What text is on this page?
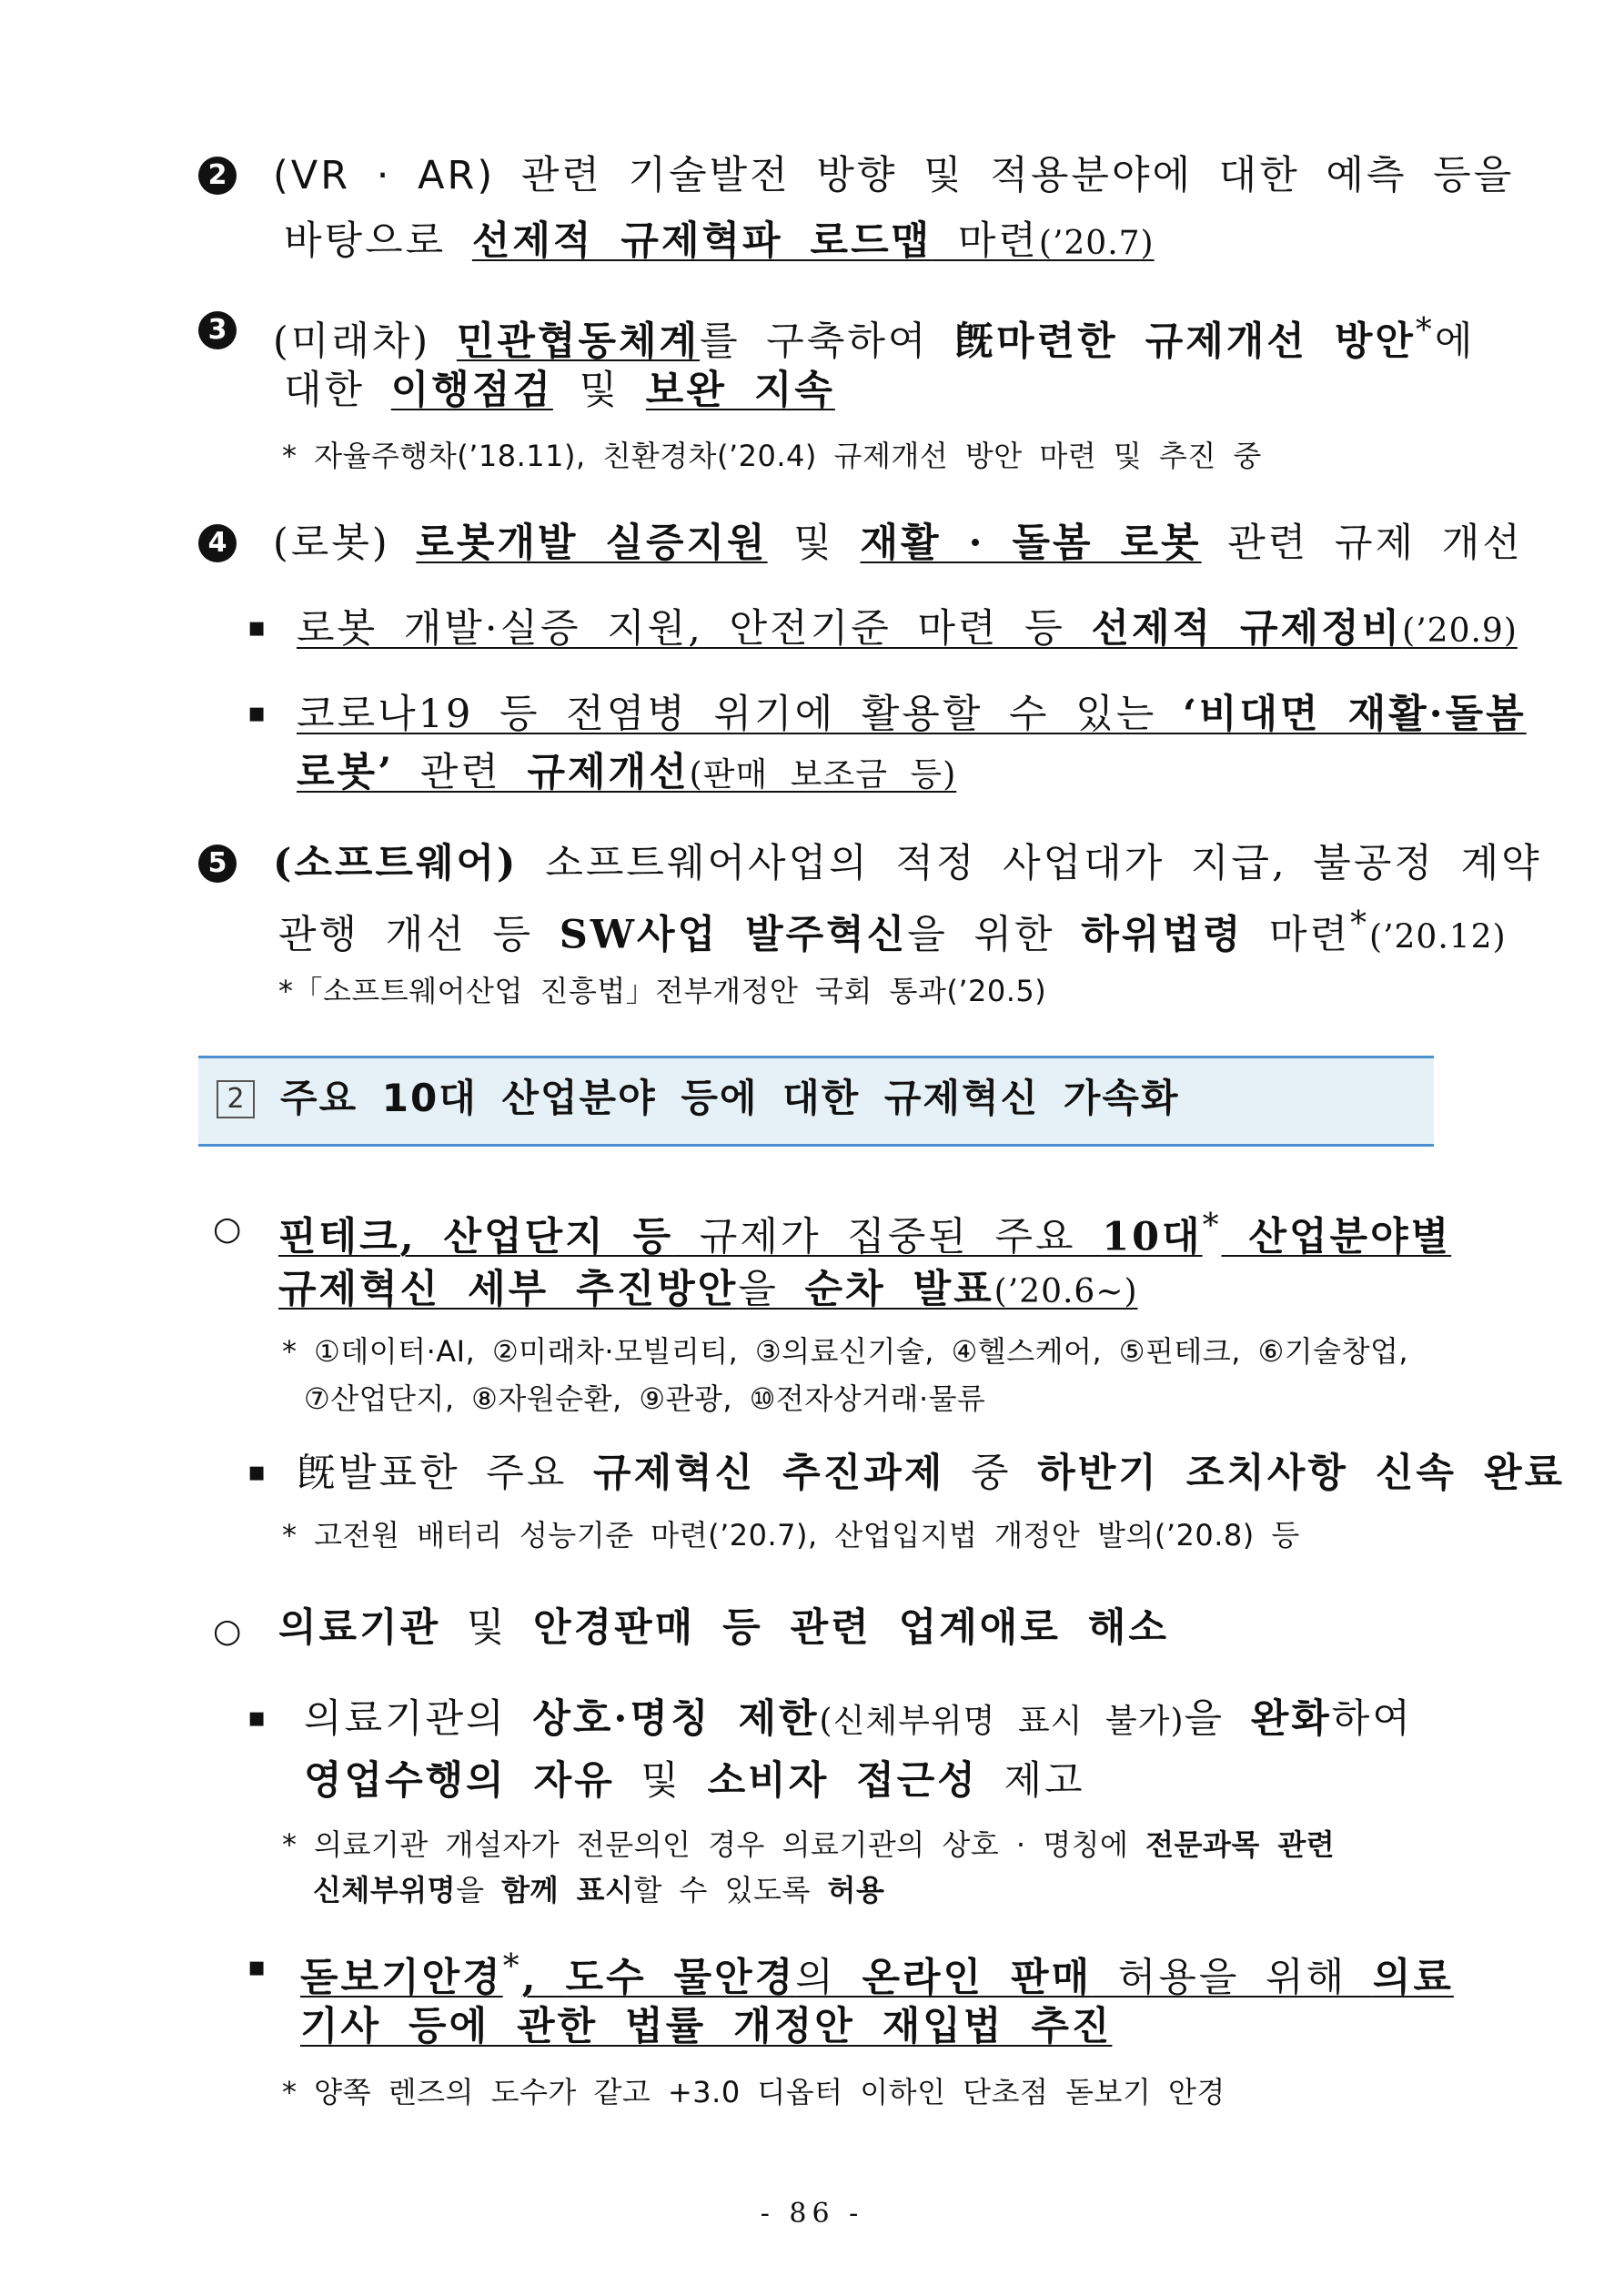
2 (VR · AR) 관련 기술발전 방향 및 적용분야에 대한 예측 등을
바탕으로 선제적 규제혁파 로드맵 마련(’20.7)
3 (미래차) 민관협동체계를 구축하여 旣마련한 규제개선 방안*에
대한 이행점검 및 보완 지속
* 자율주행차(’18.11), 친환경차(’20.4) 규제개선 방안 마련 및 추진 중
4 (로봇) 로봇개발 실증지원 및 재활 · 돌봄 로봇 관련 규제 개선
▪ 로봇 개발·실증 지원, 안전기준 마련 등 선제적 규제정비(’20.9)
▪ 코로나19 등 전염병 위기에 활용할 수 있는 ‘비대면 재활·돌봄
로봇’ 관련 규제개선(판매 보조금 등)
5 (소프트웨어) 소프트웨어사업의 적정 사업대가 지급, 불공정 계약
관행 개선 등 SW사업 발주혁신을 위한 하위법령 마련*(’20.12)
*「소프트웨어산업 진흥법」전부개정안 국회 통과(’20.5)
2 주요 10대 산업분야 등에 대한 규제혁신 가속화
○ 핀테크, 산업단지 등 규제가 집중된 주요 10대* 산업분야별
규제혁신 세부 추진방안을 순차 발표(’20.6~)
* ①데이터·AI, ②미래차·모빌리티, ③의료신기술, ④헬스케어, ⑤핀테크, ⑥기술창업,
⑦산업단지, ⑧자원순환, ⑨관광, ⑩전자상거래·물류
▪ 旣발표한 주요 규제혁신 추진과제 중 하반기 조치사항 신속 완료
* 고전원 배터리 성능기준 마련(’20.7), 산업입지법 개정안 발의(’20.8) 등
○ 의료기관 및 안경판매 등 관련 업계애로 해소
▪ 의료기관의 상호·명칭 제한(신체부위명 표시 불가)을 완화하여
영업수행의 자유 및 소비자 접근성 제고
* 의료기관 개설자가 전문의인 경우 의료기관의 상호 · 명칭에 전문과목 관련
신체부위명을 함께 표시할 수 있도록 허용
▪ 돋보기안경*, 도수 물안경의 온라인 판매 허용을 위해 의료
기사 등에 관한 법률 개정안 재입법 추진
* 양쪽 렌즈의 도수가 같고 +3.0 디옵터 이하인 단초점 돋보기 안경
- 86 -
